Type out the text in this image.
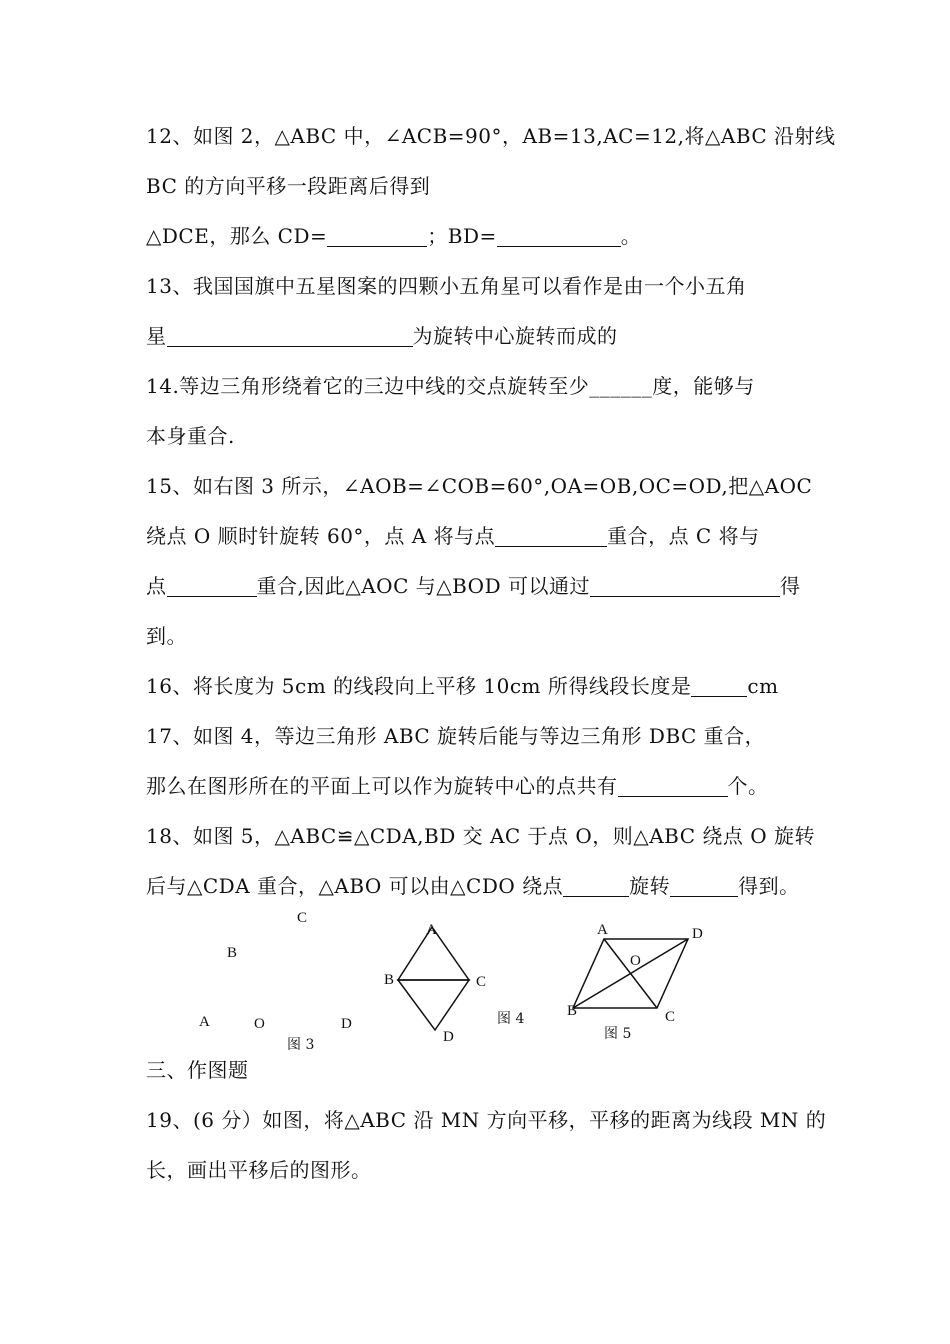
12、如图 2，△ABC 中，∠ACB=90°，AB=13,AC=12,将△ABC 沿射线
BC 的方向平移一段距离后得到
△DCE，那么 CD=	；BD=	。
13、我国国旗中五星图案的四颗小五角星可以看作是由一个小五角
星	为旋转中心旋转而成的
14.等边三角形绕着它的三边中线的交点旋转至少______度，能够与
本身重合.
15、如右图 3 所示，∠AOB=∠COB=60°,OA=OB,OC=OD,把△AOC
绕点 O 顺时针旋转 60°，点 A 将与点	重合，点 C 将与
点	重合,因此△AOC 与△BOD 可以通过	得
到。
16、将长度为 5cm 的线段向上平移 10cm 所得线段长度是	cm
17、如图 4，等边三角形 ABC 旋转后能与等边三角形 DBC 重合，
那么在图形所在的平面上可以作为旋转中心的点共有	个。
18、如图 5，△ABC≌△CDA,BD 交 AC 于点 O，则△ABC 绕点 O 旋转
后与△CDA 重合，△ABO 可以由△CDO 绕点	旋转	得到。
C
B
A	O	D
图 3
A
B	C
D
图 4
A	D
O
B	C
图 5
三、作图题
19、(6 分）如图，将△ABC 沿 MN 方向平移，平移的距离为线段 MN 的
长，画出平移后的图形。
